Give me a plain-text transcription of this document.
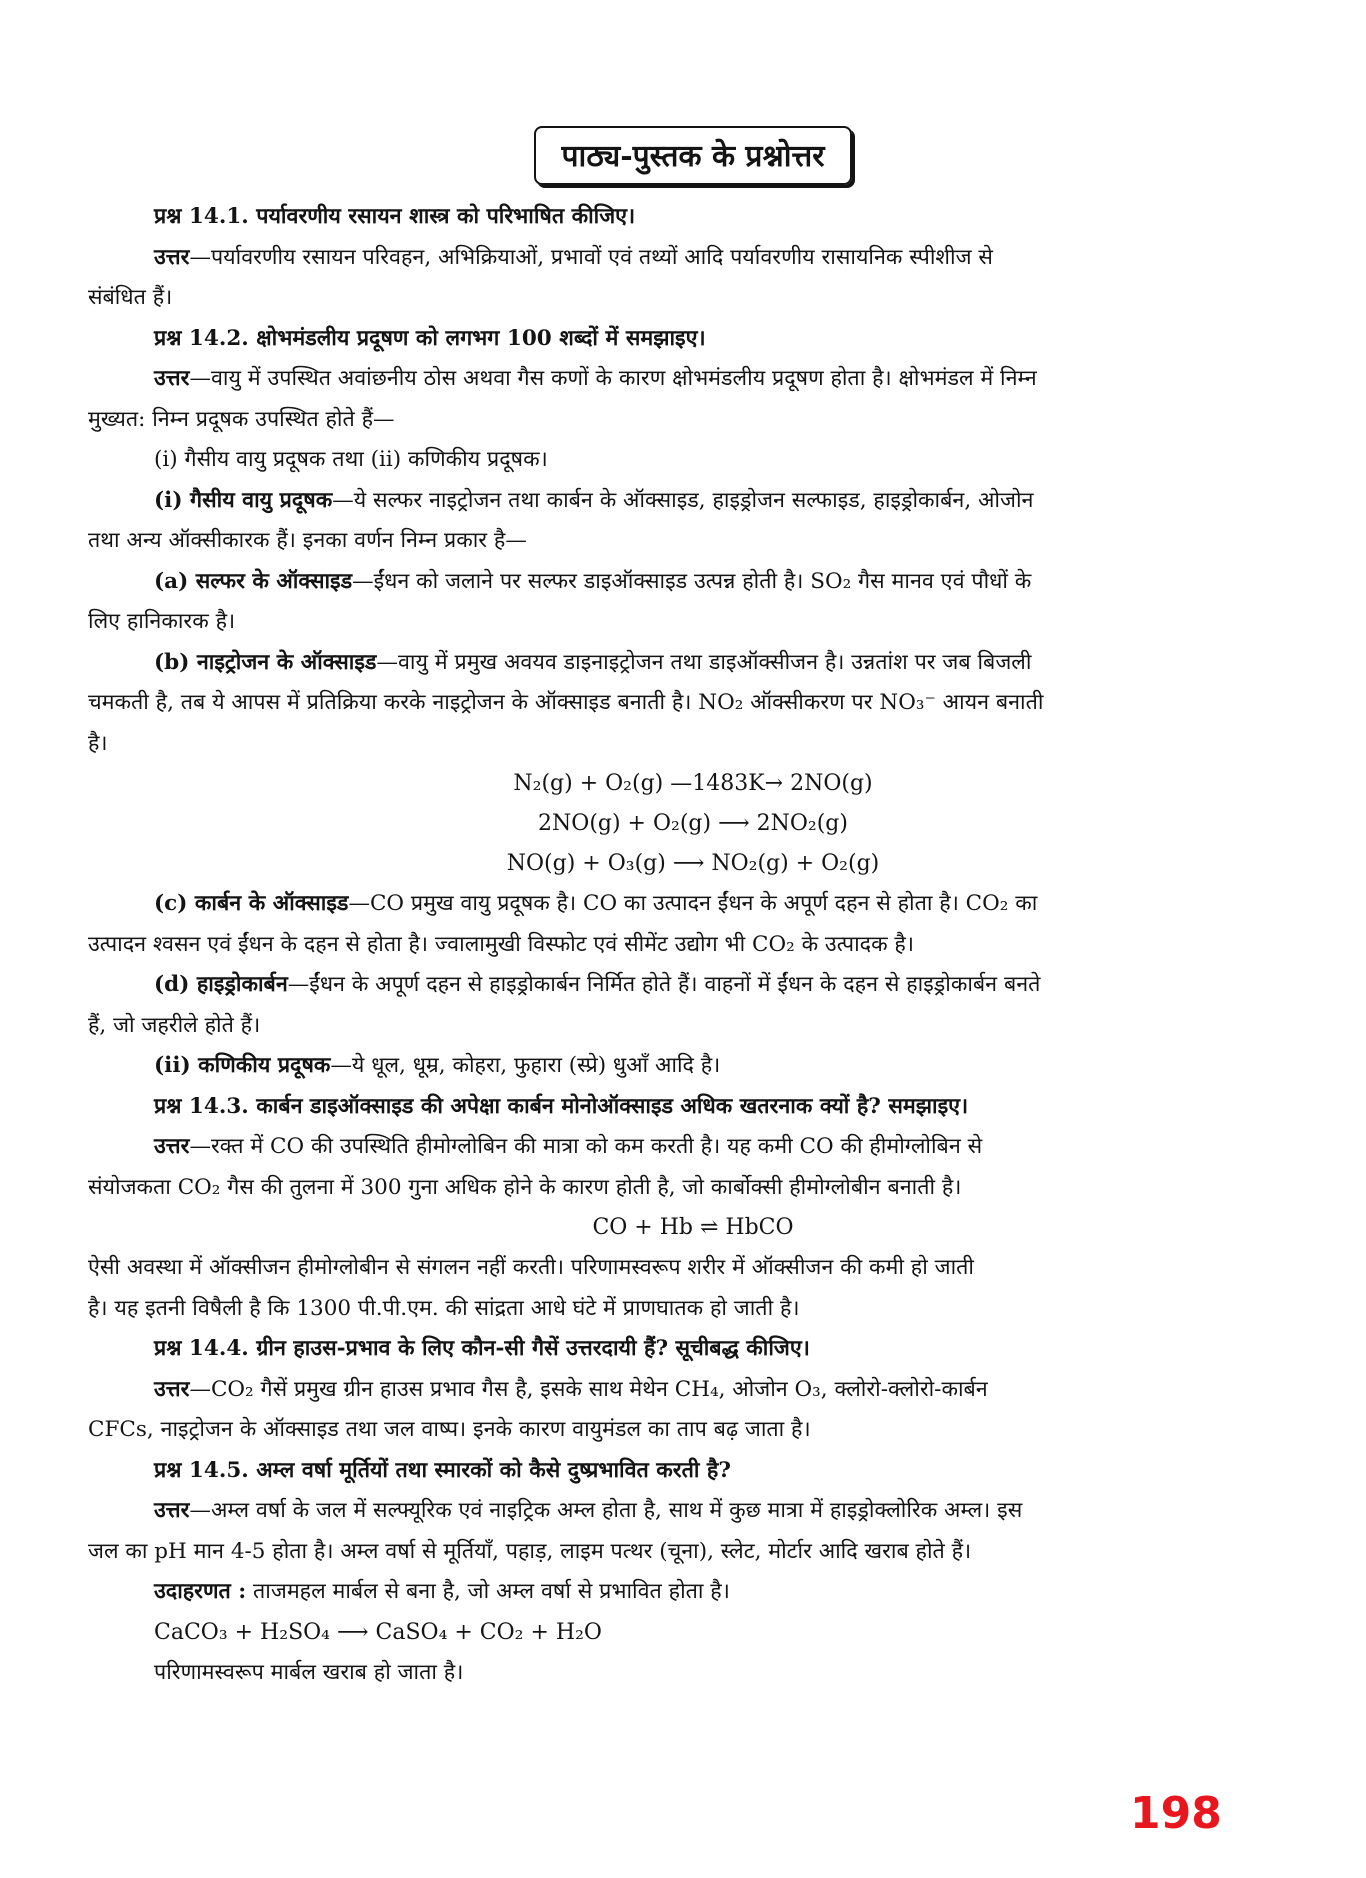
पाठ्य-पुस्तक के प्रश्नोत्तर
प्रश्न 14.1. पर्यावरणीय रसायन शास्त्र को परिभाषित कीजिए।
उत्तर—पर्यावरणीय रसायन परिवहन, अभिक्रियाओं, प्रभावों एवं तथ्यों आदि पर्यावरणीय रासायनिक स्पीशीज से
संबंधित हैं।
प्रश्न 14.2. क्षोभमंडलीय प्रदूषण को लगभग 100 शब्दों में समझाइए।
उत्तर—वायु में उपस्थित अवांछनीय ठोस अथवा गैस कणों के कारण क्षोभमंडलीय प्रदूषण होता है। क्षोभमंडल में निम्न
मुख्यत: निम्न प्रदूषक उपस्थित होते हैं—
(i) गैसीय वायु प्रदूषक तथा (ii) कणिकीय प्रदूषक।
(i) गैसीय वायु प्रदूषक—ये सल्फर नाइट्रोजन तथा कार्बन के ऑक्साइड, हाइड्रोजन सल्फाइड, हाइड्रोकार्बन, ओजोन
तथा अन्य ऑक्सीकारक हैं। इनका वर्णन निम्न प्रकार है—
(a) सल्फर के ऑक्साइड—ईंधन को जलाने पर सल्फर डाइऑक्साइड उत्पन्न होती है। SO₂ गैस मानव एवं पौधों के
लिए हानिकारक है।
(b) नाइट्रोजन के ऑक्साइड—वायु में प्रमुख अवयव डाइनाइट्रोजन तथा डाइऑक्सीजन है। उन्नतांश पर जब बिजली
चमकती है, तब ये आपस में प्रतिक्रिया करके नाइट्रोजन के ऑक्साइड बनाती है। NO₂ ऑक्सीकरण पर NO₃⁻ आयन बनाती
है।
N₂(g) + O₂(g) —1483K→ 2NO(g)
2NO(g) + O₂(g) ⟶ 2NO₂(g)
NO(g) + O₃(g) ⟶ NO₂(g) + O₂(g)
(c) कार्बन के ऑक्साइड—CO प्रमुख वायु प्रदूषक है। CO का उत्पादन ईंधन के अपूर्ण दहन से होता है। CO₂ का
उत्पादन श्वसन एवं ईंधन के दहन से होता है। ज्वालामुखी विस्फोट एवं सीमेंट उद्योग भी CO₂ के उत्पादक है।
(d) हाइड्रोकार्बन—ईंधन के अपूर्ण दहन से हाइड्रोकार्बन निर्मित होते हैं। वाहनों में ईंधन के दहन से हाइड्रोकार्बन बनते
हैं, जो जहरीले होते हैं।
(ii) कणिकीय प्रदूषक—ये धूल, धूम्र, कोहरा, फुहारा (स्प्रे) धुआँ आदि है।
प्रश्न 14.3. कार्बन डाइऑक्साइड की अपेक्षा कार्बन मोनोऑक्साइड अधिक खतरनाक क्यों है? समझाइए।
उत्तर—रक्त में CO की उपस्थिति हीमोग्लोबिन की मात्रा को कम करती है। यह कमी CO की हीमोग्लोबिन से
संयोजकता CO₂ गैस की तुलना में 300 गुना अधिक होने के कारण होती है, जो कार्बोक्सी हीमोग्लोबीन बनाती है।
CO + Hb ⇌ HbCO
ऐसी अवस्था में ऑक्सीजन हीमोग्लोबीन से संगलन नहीं करती। परिणामस्वरूप शरीर में ऑक्सीजन की कमी हो जाती
है। यह इतनी विषैली है कि 1300 पी.पी.एम. की सांद्रता आधे घंटे में प्राणघातक हो जाती है।
प्रश्न 14.4. ग्रीन हाउस-प्रभाव के लिए कौन-सी गैसें उत्तरदायी हैं? सूचीबद्ध कीजिए।
उत्तर—CO₂ गैसें प्रमुख ग्रीन हाउस प्रभाव गैस है, इसके साथ मेथेन CH₄, ओजोन O₃, क्लोरो-क्लोरो-कार्बन
CFCs, नाइट्रोजन के ऑक्साइड तथा जल वाष्प। इनके कारण वायुमंडल का ताप बढ़ जाता है।
प्रश्न 14.5. अम्ल वर्षा मूर्तियों तथा स्मारकों को कैसे दुष्प्रभावित करती है?
उत्तर—अम्ल वर्षा के जल में सल्फ्यूरिक एवं नाइट्रिक अम्ल होता है, साथ में कुछ मात्रा में हाइड्रोक्लोरिक अम्ल। इस
जल का pH मान 4-5 होता है। अम्ल वर्षा से मूर्तियाँ, पहाड़, लाइम पत्थर (चूना), स्लेट, मोर्टार आदि खराब होते हैं।
उदाहरणत : ताजमहल मार्बल से बना है, जो अम्ल वर्षा से प्रभावित होता है।
CaCO₃ + H₂SO₄ ⟶ CaSO₄ + CO₂ + H₂O
परिणामस्वरूप मार्बल खराब हो जाता है।
198
